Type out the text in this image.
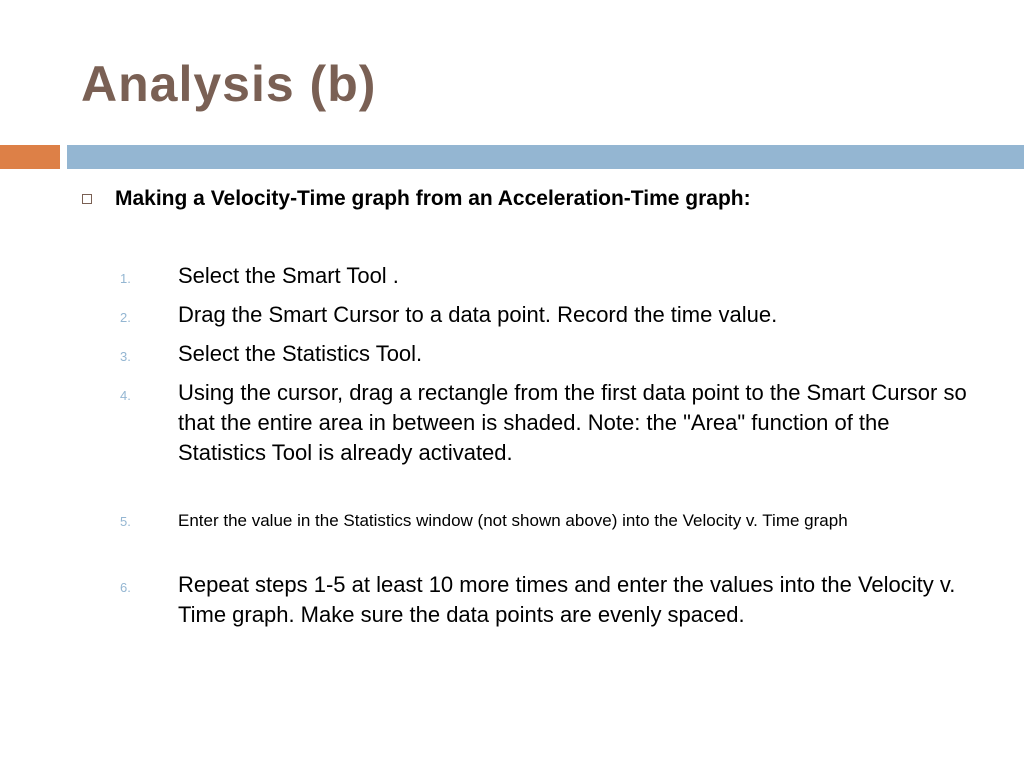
Analysis (b)
Making a Velocity-Time graph from an Acceleration-Time graph:
1.	Select the Smart Tool .
2.	Drag the Smart Cursor to a data point. Record the time value.
3.	Select the Statistics Tool.
4.	Using the cursor, drag a rectangle from the first data point to the Smart Cursor so that the entire area in between is shaded. Note: the "Area" function of the Statistics Tool is already activated.
5.	Enter the value in the Statistics window (not shown above) into the Velocity v. Time graph
6.	Repeat steps 1-5 at least 10 more times and enter the values into the Velocity v. Time graph. Make sure the data points are evenly spaced.
